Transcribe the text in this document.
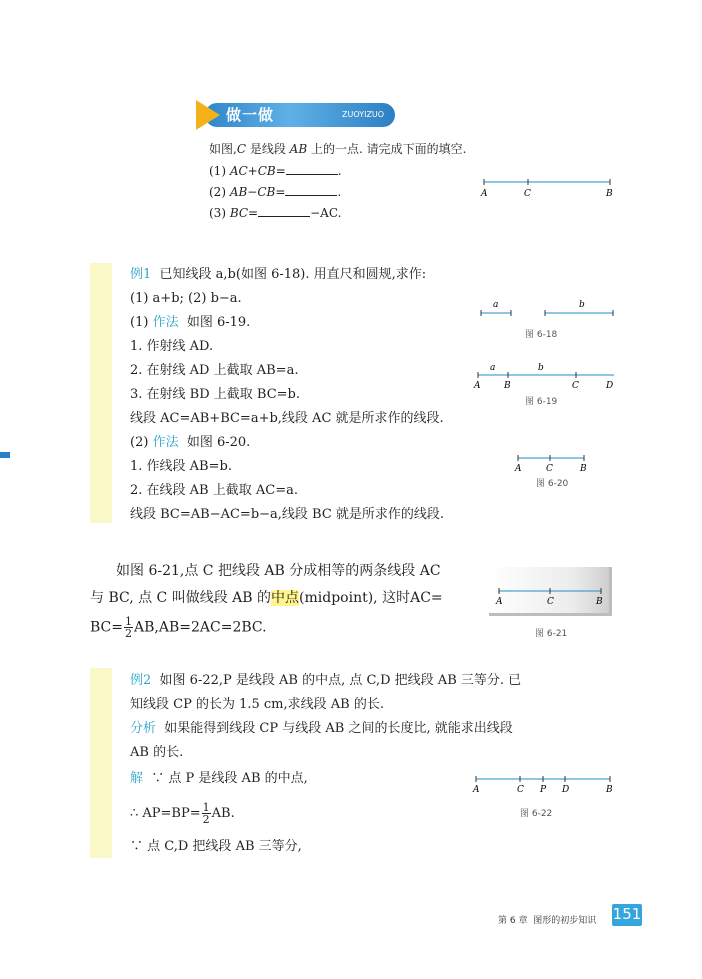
做一做	ZUOYIZUO
如图,C 是线段 AB 上的一点. 请完成下面的填空.
(1) AC+CB=	.
(2) AB−CB=	.
(3) BC=	−AC.
A	C	B
例1 已知线段 a,b(如图 6-18). 用直尺和圆规,求作:
(1) a+b; (2) b−a.
(1) 作法 如图 6-19.
1. 作射线 AD.
2. 在射线 AD 上截取 AB=a.
3. 在射线 BD 上截取 BC=b.
线段 AC=AB+BC=a+b,线段 AC 就是所求作的线段.
(2) 作法 如图 6-20.
1. 作线段 AB=b.
2. 在线段 AB 上截取 AC=a.
线段 BC=AB−AC=b−a,线段 BC 就是所求作的线段.
a	b
图 6-18
a	b
A	B	C	D
图 6-19
A	C	B
图 6-20
如图 6-21,点 C 把线段 AB 分成相等的两条线段 AC
与 BC, 点 C 叫做线段 AB 的中点(midpoint), 这时AC=
$BC= \frac{1}{2} AB,AB=2AC=2BC$.
A	C	B
图 6-21
例2 如图 6-22,P 是线段 AB 的中点, 点 C,D 把线段 AB 三等分. 已
知线段 CP 的长为 1.5 cm,求线段 AB 的长.
分析 如果能得到线段 CP 与线段 AB 之间的长度比, 就能求出线段
AB 的长.
解 ∵ 点 P 是线段 AB 的中点,
∴ $AP=BP= \frac{1}{2}$ AB.
∵ 点 C,D 把线段 AB 三等分,
A	C P D	B
图 6-22
第 6 章 图形的初步知识 151
